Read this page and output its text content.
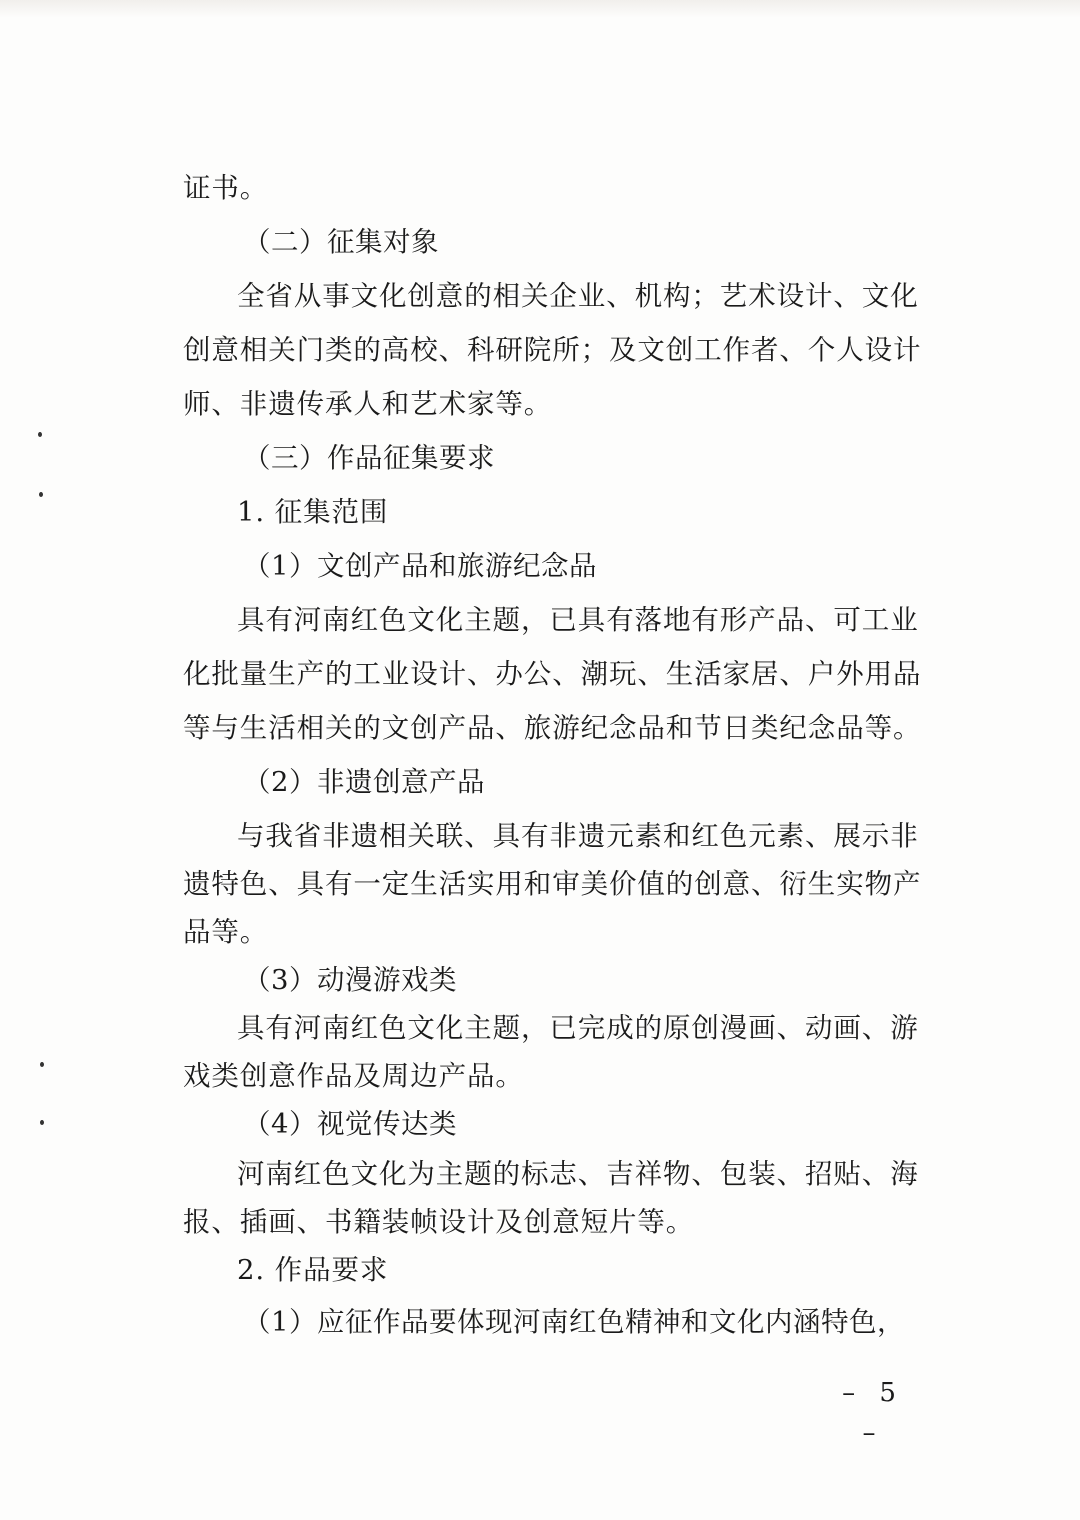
证书。
（二）征集对象
全省从事文化创意的相关企业、机构；艺术设计、文化
创意相关门类的高校、科研院所；及文创工作者、个人设计
师、非遗传承人和艺术家等。
（三）作品征集要求
1. 征集范围
（1）文创产品和旅游纪念品
具有河南红色文化主题，已具有落地有形产品、可工业
化批量生产的工业设计、办公、潮玩、生活家居、户外用品
等与生活相关的文创产品、旅游纪念品和节日类纪念品等。
（2）非遗创意产品
与我省非遗相关联、具有非遗元素和红色元素、展示非
遗特色、具有一定生活实用和审美价值的创意、衍生实物产
品等。
（3）动漫游戏类
具有河南红色文化主题，已完成的原创漫画、动画、游
戏类创意作品及周边产品。
（4）视觉传达类
河南红色文化为主题的标志、吉祥物、包装、招贴、海
报、插画、书籍装帧设计及创意短片等。
2. 作品要求
（1）应征作品要体现河南红色精神和文化内涵特色，
– 5 –
